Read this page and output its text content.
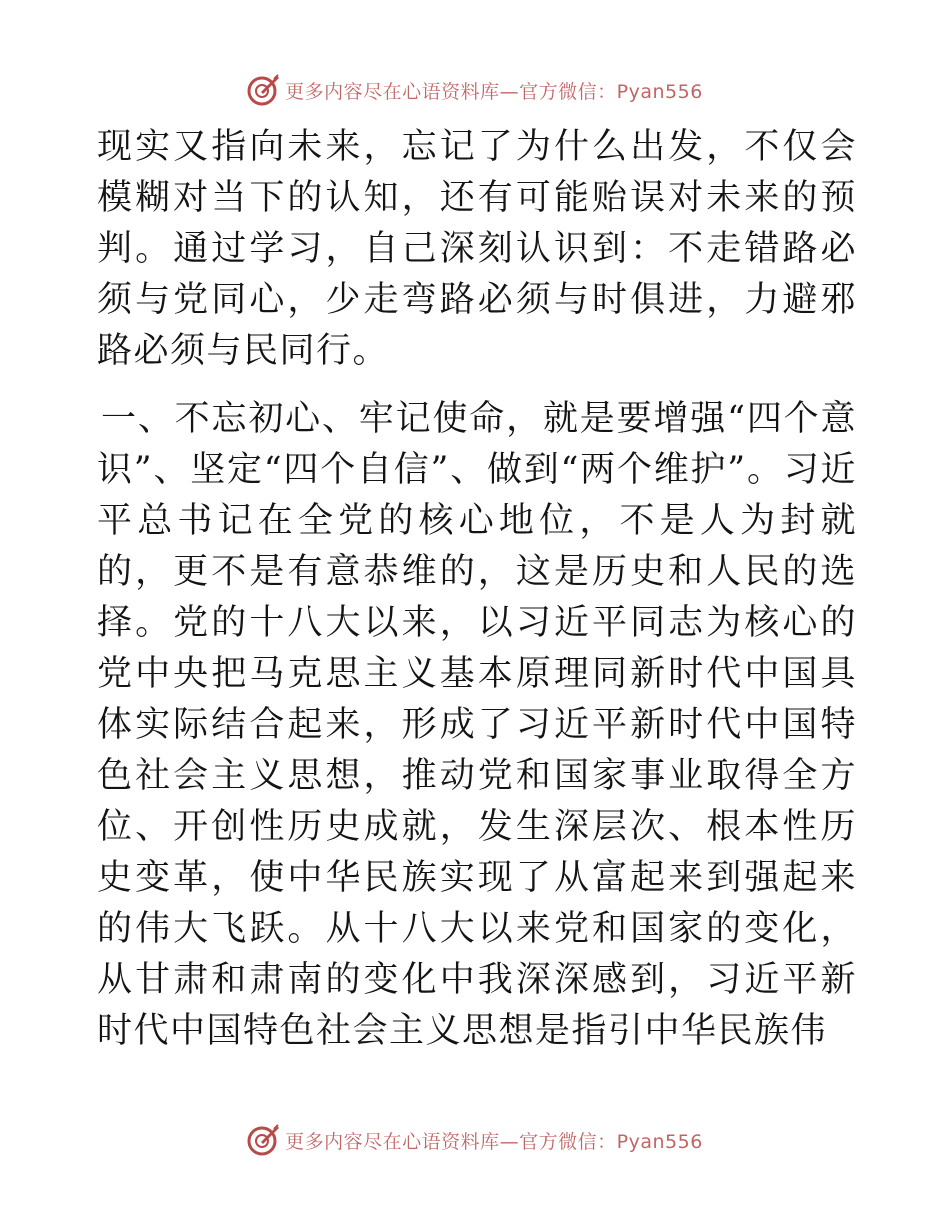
更多内容尽在心语资料库—官方微信：Pyan556

现实又指向未来，忘记了为什么出发，不仅会模糊对当下的认知，还有可能贻误对未来的预判。通过学习，自己深刻认识到：不走错路必须与党同心，少走弯路必须与时俱进，力避邪路必须与民同行。

一、不忘初心、牢记使命，就是要增强“四个意识”、坚定“四个自信”、做到“两个维护”。习近平总书记在全党的核心地位，不是人为封就的，更不是有意恭维的，这是历史和人民的选择。党的十八大以来，以习近平同志为核心的党中央把马克思主义基本原理同新时代中国具体实际结合起来，形成了习近平新时代中国特色社会主义思想，推动党和国家事业取得全方位、开创性历史成就，发生深层次、根本性历史变革，使中华民族实现了从富起来到强起来的伟大飞跃。从十八大以来党和国家的变化，从甘肃和肃南的变化中我深深感到，习近平新时代中国特色社会主义思想是指引中华民族伟

更多内容尽在心语资料库—官方微信：Pyan556
